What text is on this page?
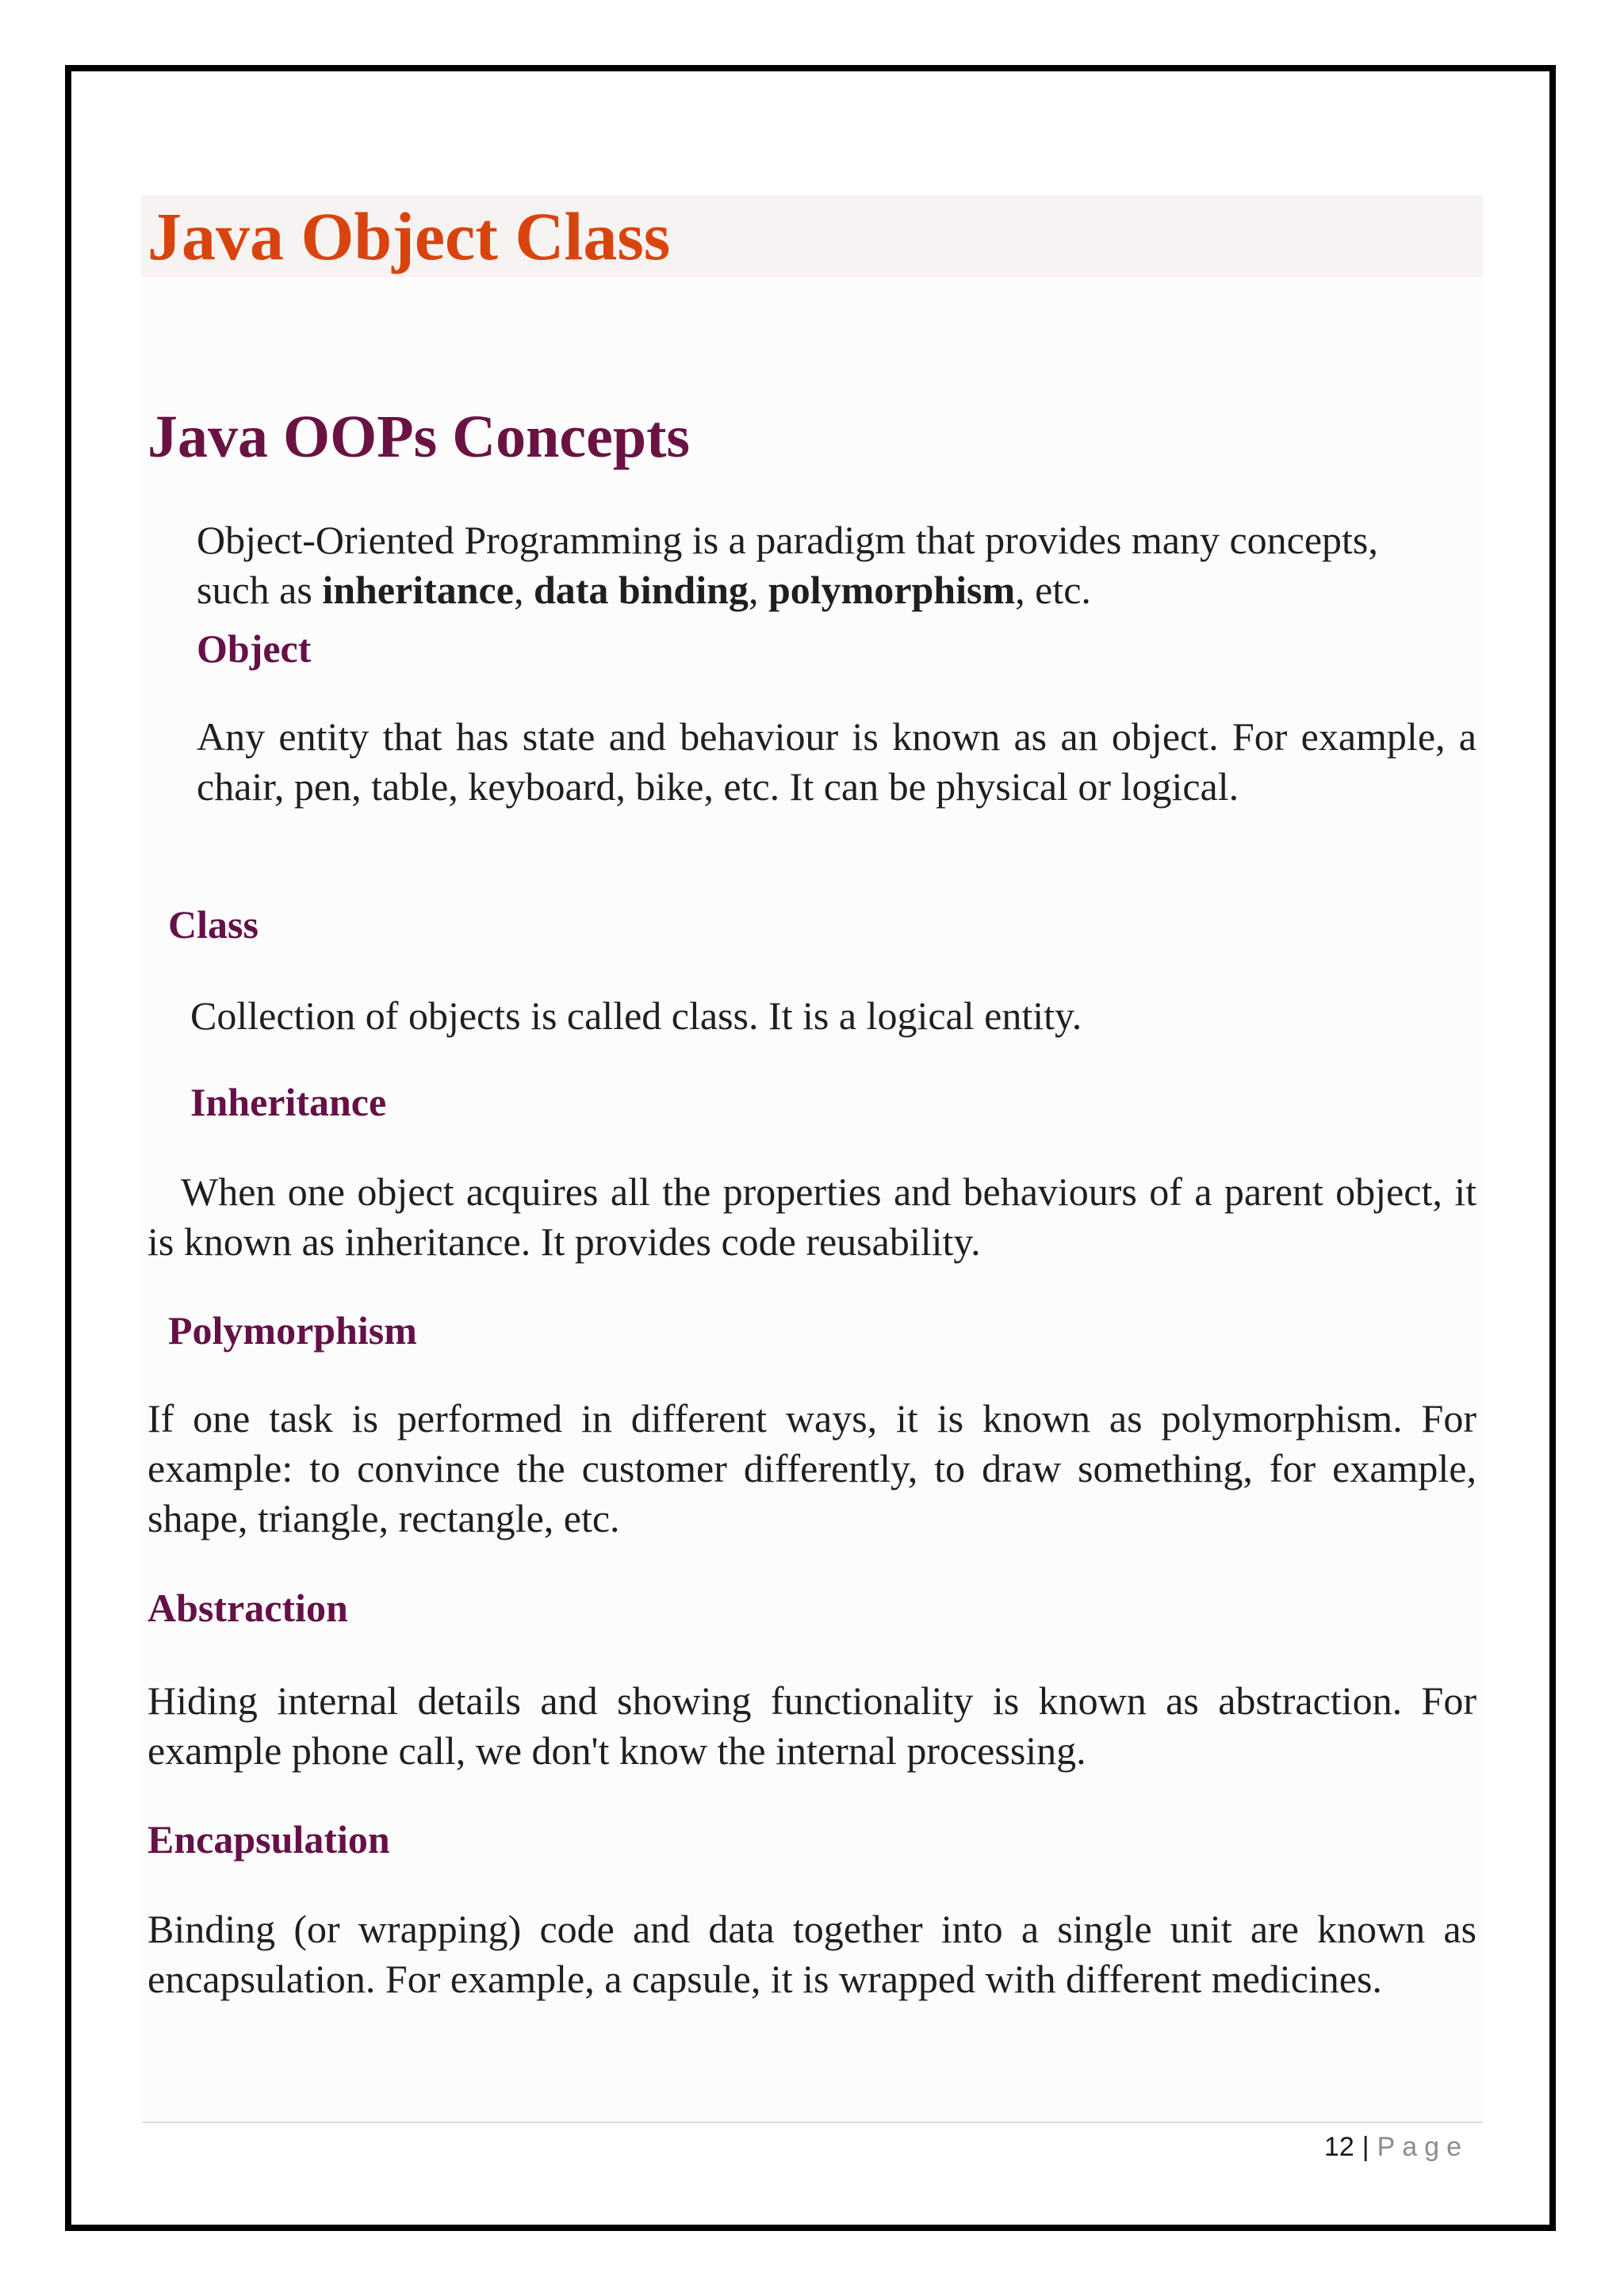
Java Object Class
Java OOPs Concepts

Object-Oriented Programming is a paradigm that provides many concepts,
such as inheritance, data binding, polymorphism, etc.

Object

Any entity that has state and behaviour is known as an object. For example, a chair, pen, table, keyboard, bike, etc. It can be physical or logical.

Class

Collection of objects is called class. It is a logical entity.

Inheritance

When one object acquires all the properties and behaviours of a parent object, it is known as inheritance. It provides code reusability.

Polymorphism

If one task is performed in different ways, it is known as polymorphism. For example: to convince the customer differently, to draw something, for example, shape, triangle, rectangle, etc.

Abstraction

Hiding internal details and showing functionality is known as abstraction. For example phone call, we don't know the internal processing.

Encapsulation

Binding (or wrapping) code and data together into a single unit are known as encapsulation. For example, a capsule, it is wrapped with different medicines.

12 | Page
